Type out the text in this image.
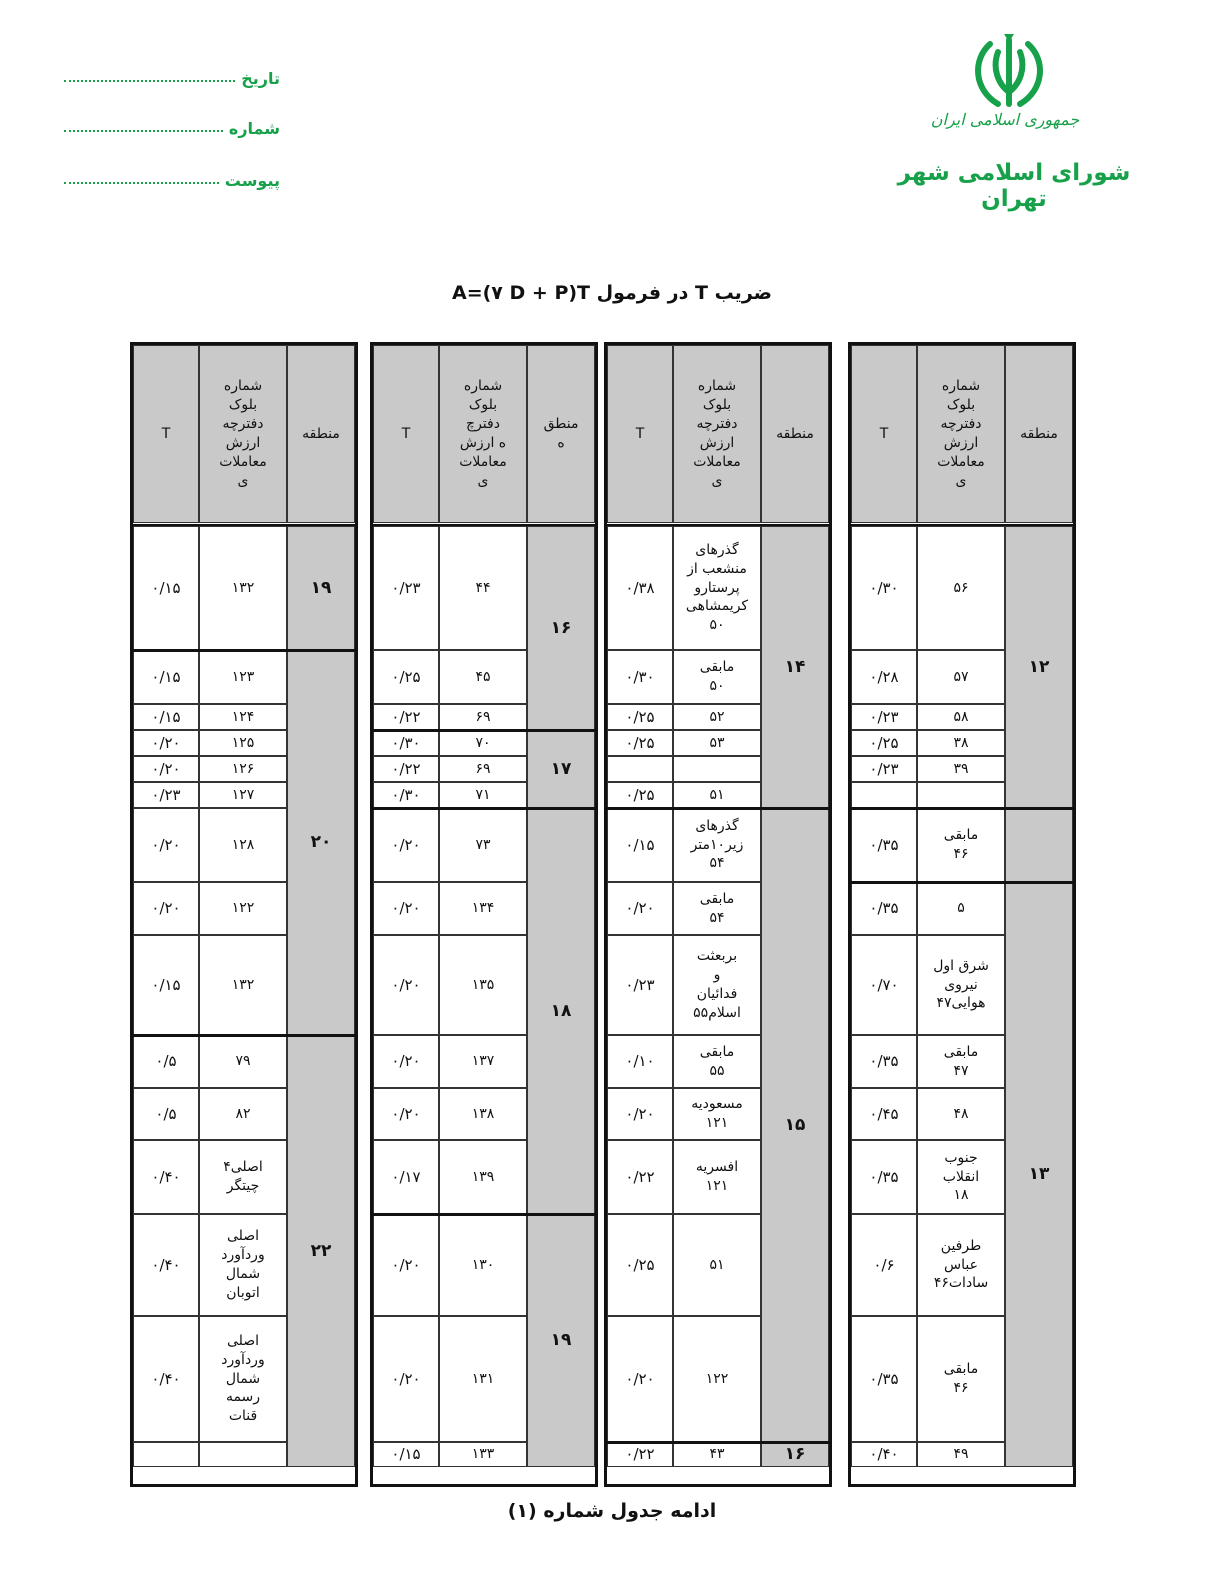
جمهوری اسلامی ایران
شورای اسلامی شهر تهران
تاریخ
شماره
پیوست
ضریب T در فرمول A=(۷ D + P)T
منطقه
شماره
بلوک
دفترچه
ارزش
معاملات
ی
T
۵۶
۰/۳۰
۵۷
۰/۲۸
۵۸
۰/۲۳
۳۸
۰/۲۵
۳۹
۰/۲۳
مابقی
۴۶
۰/۳۵
۵
۰/۳۵
شرق اول
نیروی
هوایی۴۷
۰/۷۰
مابقی
۴۷
۰/۳۵
۴۸
۰/۴۵
جنوب
انقلاب
۱۸
۰/۳۵
طرفین
عباس
سادات۴۶
۰/۶
مابقی
۴۶
۰/۳۵
۴۹
۰/۴۰
۱۲
۱۳
منطقه
شماره
بلوک
دفترچه
ارزش
معاملات
ی
T
گذرهای
منشعب از
پرستارو
کریمشاهی
۵۰
۰/۳۸
مابقی
۵۰
۰/۳۰
۵۲
۰/۲۵
۵۳
۰/۲۵
۵۱
۰/۲۵
گذرهای
زیر۱۰متر
۵۴
۰/۱۵
مابقی
۵۴
۰/۲۰
بربعثت
و
فدائیان
اسلام۵۵
۰/۲۳
مابقی
۵۵
۰/۱۰
مسعودیه
۱۲۱
۰/۲۰
افسریه
۱۲۱
۰/۲۲
۵۱
۰/۲۵
۱۲۲
۰/۲۰
۴۳
۰/۲۲
۱۴
۱۵
۱۶
منطق
ه
شماره
بلوک
دفترچ
ه ارزش
معاملات
ی
T
۴۴
۰/۲۳
۴۵
۰/۲۵
۶۹
۰/۲۲
۷۰
۰/۳۰
۶۹
۰/۲۲
۷۱
۰/۳۰
۷۳
۰/۲۰
۱۳۴
۰/۲۰
۱۳۵
۰/۲۰
۱۳۷
۰/۲۰
۱۳۸
۰/۲۰
۱۳۹
۰/۱۷
۱۳۰
۰/۲۰
۱۳۱
۰/۲۰
۱۳۳
۰/۱۵
۱۶
۱۷
۱۸
۱۹
منطقه
شماره
بلوک
دفترچه
ارزش
معاملات
ی
T
۱۳۲
۰/۱۵
۱۲۳
۰/۱۵
۱۲۴
۰/۱۵
۱۲۵
۰/۲۰
۱۲۶
۰/۲۰
۱۲۷
۰/۲۳
۱۲۸
۰/۲۰
۱۲۲
۰/۲۰
۱۳۲
۰/۱۵
۷۹
۰/۵
۸۲
۰/۵
اصلی۴
چیتگر
۰/۴۰
اصلی
وردآورد
شمال
اتوبان
۰/۴۰
اصلی
وردآورد
شمال
رسمه
قنات
۰/۴۰
۱۹
۲۰
۲۲
ادامه جدول شماره (۱)
